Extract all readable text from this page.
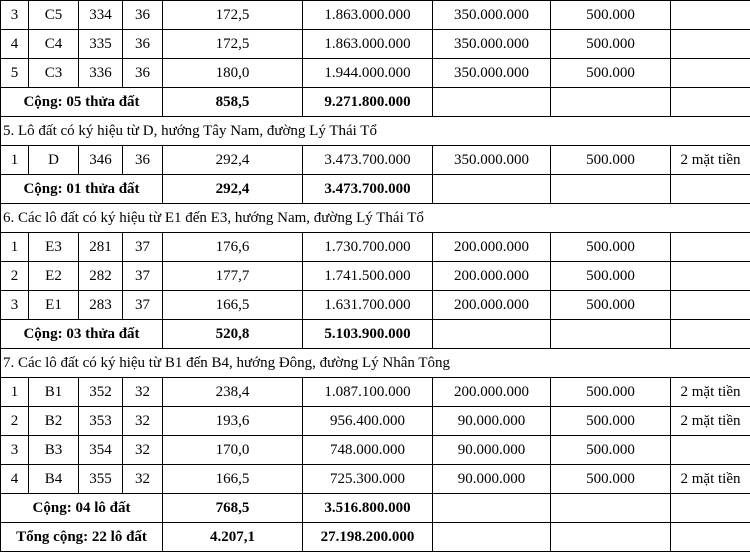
3	C5	334	36	172,5	1.863.000.000	350.000.000	500.000	
4	C4	335	36	172,5	1.863.000.000	350.000.000	500.000	
5	C3	336	36	180,0	1.944.000.000	350.000.000	500.000	
Cộng: 05 thửa đất				858,5	9.271.800.000			
5. Lô đất có ký hiệu từ D, hướng Tây Nam, đường Lý Thái Tổ								
1	D	346	36	292,4	3.473.700.000	350.000.000	500.000	2 mặt tiền
Cộng: 01 thửa đất				292,4	3.473.700.000			
6. Các lô đất có ký hiệu từ E1 đến E3, hướng Nam, đường Lý Thái Tổ								
1	E3	281	37	176,6	1.730.700.000	200.000.000	500.000	
2	E2	282	37	177,7	1.741.500.000	200.000.000	500.000	
3	E1	283	37	166,5	1.631.700.000	200.000.000	500.000	
Cộng: 03 thửa đất				520,8	5.103.900.000			
7. Các lô đất có ký hiệu từ B1 đến B4, hướng Đông, đường Lý Nhân Tông								
1	B1	352	32	238,4	1.087.100.000	200.000.000	500.000	2 mặt tiền
2	B2	353	32	193,6	956.400.000	90.000.000	500.000	2 mặt tiền
3	B3	354	32	170,0	748.000.000	90.000.000	500.000	
4	B4	355	32	166,5	725.300.000	90.000.000	500.000	2 mặt tiền
Cộng: 04 lô đất				768,5	3.516.800.000			
Tổng cộng: 22 lô đất				4.207,1	27.198.200.000			
